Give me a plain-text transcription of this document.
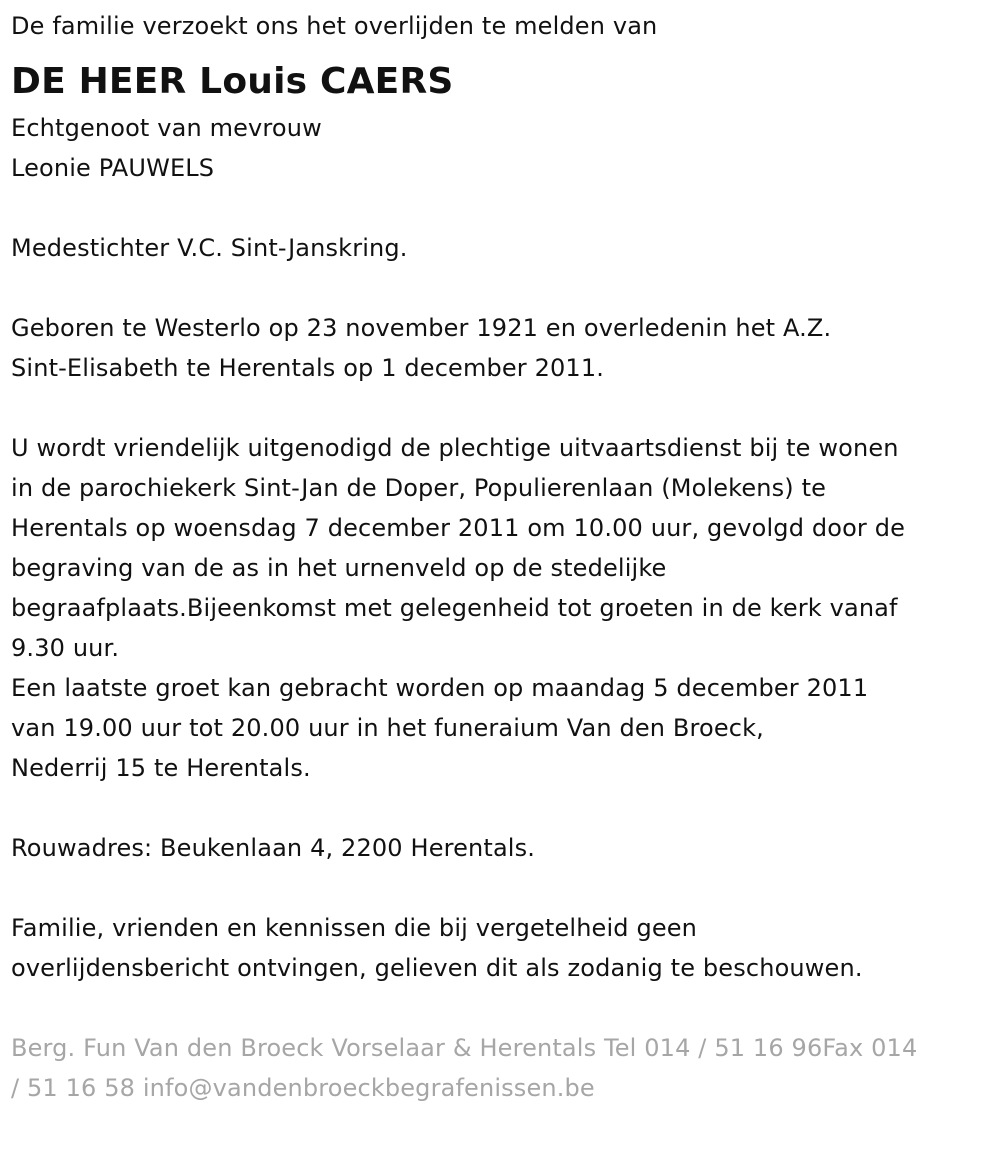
De familie verzoekt ons het overlijden te melden van
DE HEER Louis CAERS
Echtgenoot van mevrouw
Leonie PAUWELS
Medestichter V.C. Sint-Janskring.
Geboren te Westerlo op 23 november 1921 en overledenin het A.Z.
Sint-Elisabeth te Herentals op 1 december 2011.
U wordt vriendelijk uitgenodigd de plechtige uitvaartsdienst bij te wonen
in de parochiekerk Sint-Jan de Doper, Populierenlaan (Molekens) te
Herentals op woensdag 7 december 2011 om 10.00 uur, gevolgd door de
begraving van de as in het urnenveld op de stedelijke
begraafplaats.Bijeenkomst met gelegenheid tot groeten in de kerk vanaf
9.30 uur.
Een laatste groet kan gebracht worden op maandag 5 december 2011
van 19.00 uur tot 20.00 uur in het funeraium Van den Broeck,
Nederrij 15 te Herentals.
Rouwadres: Beukenlaan 4, 2200 Herentals.
Familie, vrienden en kennissen die bij vergetelheid geen
overlijdensbericht ontvingen, gelieven dit als zodanig te beschouwen.
Berg. Fun Van den Broeck Vorselaar & Herentals Tel 014 / 51 16 96Fax 014
/ 51 16 58 info@vandenbroeckbegrafenissen.be
